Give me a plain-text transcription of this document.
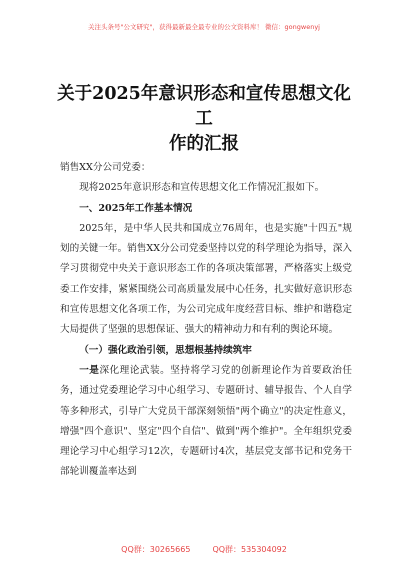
关注头条号"公文研究"，获得最新最全最专业的公文资料库！ 微信：gongwenyj
关于2025年意识形态和宣传思想文化工
作的汇报

销售XX分公司党委：

现将2025年意识形态和宣传思想文化工作情况汇报如下。

一、2025年工作基本情况

2025年，是中华人民共和国成立76周年，也是实施"十四五"规划的关键一年。销售XX分公司党委坚持以党的科学理论为指导，深入学习贯彻党中央关于意识形态工作的各项决策部署，严格落实上级党委工作安排，紧紧围绕公司高质量发展中心任务，扎实做好意识形态和宣传思想文化各项工作，为公司完成年度经营目标、维护和谐稳定大局提供了坚强的思想保证、强大的精神动力和有利的舆论环境。

（一）强化政治引领，思想根基持续筑牢

一是深化理论武装。坚持将学习党的创新理论作为首要政治任务，通过党委理论学习中心组学习、专题研讨、辅导报告、个人自学等多种形式，引导广大党员干部深刻领悟"两个确立"的决定性意义，增强"四个意识"、坚定"四个自信"、做到"两个维护"。全年组织党委理论学习中心组学习12次，专题研讨4次，基层党支部书记和党务干部轮训覆盖率达到

QQ群：30265665	QQ群：535304092
